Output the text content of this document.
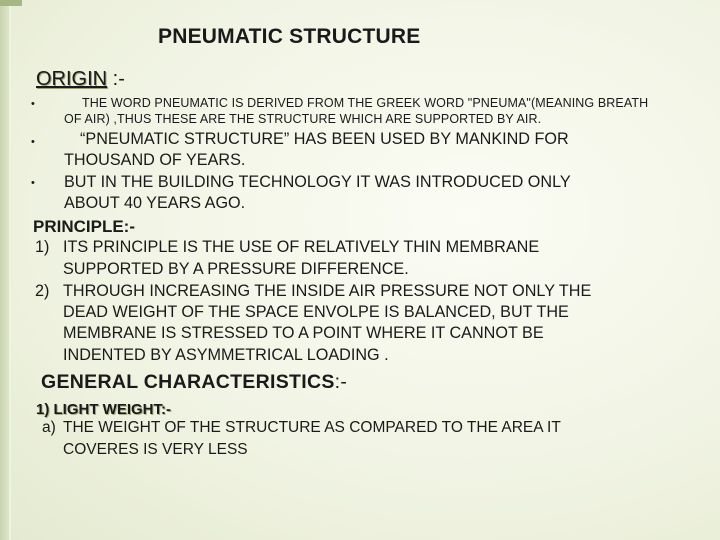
PNEUMATIC STRUCTURE
ORIGIN :-
•	THE WORD PNEUMATIC IS DERIVED FROM THE GREEK WORD "PNEUMA"(MEANING BREATH
OF AIR) ,THUS THESE ARE THE STRUCTURE WHICH ARE SUPPORTED BY AIR.
•	“PNEUMATIC STRUCTURE” HAS BEEN USED BY MANKIND FOR
THOUSAND OF YEARS.
• BUT IN THE BUILDING TECHNOLOGY IT WAS INTRODUCED ONLY
ABOUT 40 YEARS AGO.
PRINCIPLE:-
1) ITS PRINCIPLE IS THE USE OF RELATIVELY THIN MEMBRANE
SUPPORTED BY A PRESSURE DIFFERENCE.
2) THROUGH INCREASING THE INSIDE AIR PRESSURE NOT ONLY THE
DEAD WEIGHT OF THE SPACE ENVOLPE IS BALANCED, BUT THE
MEMBRANE IS STRESSED TO A POINT WHERE IT CANNOT BE
INDENTED BY ASYMMETRICAL LOADING .
GENERAL CHARACTERISTICS:-
1) LIGHT WEIGHT:-
a) THE WEIGHT OF THE STRUCTURE AS COMPARED TO THE AREA IT
COVERES IS VERY LESS
